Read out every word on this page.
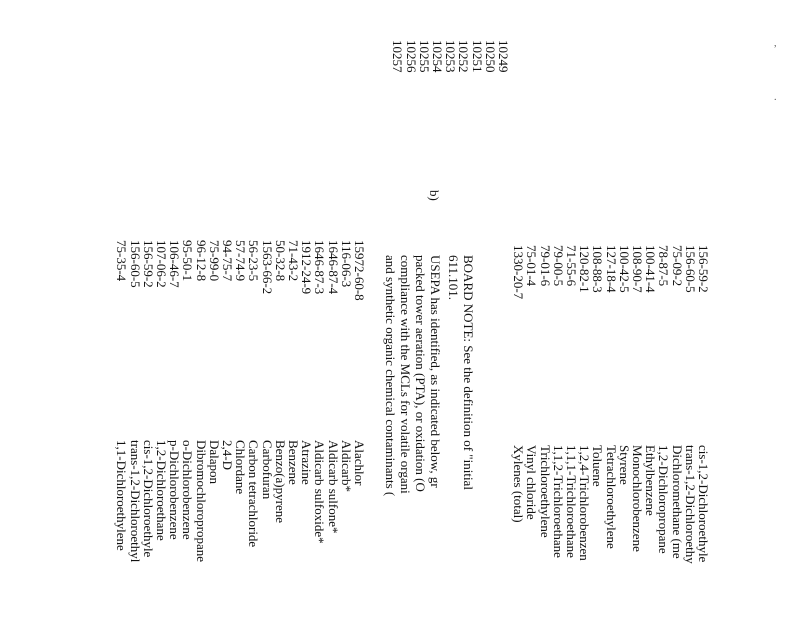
,
.
cis-1,2-Dichloroethyle
trans-1,2-Dichloroethy
Dichloromethane (me
1,2-Dichloropropane
Ethylbenzene
Monochlorobenzene
Styrene
Tetrachloroethylene
Toluene
1,2,4-Trichlorobenzen
1,1,1-Trichloroethane
1,1,2-Trichloroethane
Trichloroethylene
Vinyl chloride
Xylenes (total)
156-59-2
156-60-5
75-09-2
78-87-5
100-41-4
108-90-7
100-42-5
127-18-4
108-88-3
120-82-1
71-55-6
79-00-5
79-01-6
75-01-4
1330-20-7
10249
10250
10251
10252
10253
10254
10255
10256
10257
BOARD NOTE: See the definition of "initial
611.101.
b)
USEPA has identified, as indicated below, gr
packed tower aeration (PTA), or oxidation (O
compliance with the MCLs for volatile organi
and synthetic organic chemical contaminants (
Alachlor
Aldicarb*
Aldicarb sulfone*
Aldicarb sulfoxide*
Atrazine
Benzene
Benzo(a)pyrene
Carbofuran
Carbon tetrachloride
Chlordane
2,4-D
Dalapon
Dibromochloropropane
o-Dichlorobenzene
p-Dichlorobenzene
1,2-Dichloroethane
cis-1,2-Dichloroethyle
trans-1,2-Dichloroethyl
1,1-Dichloroethylene
15972-60-8
116-06-3
1646-87-4
1646-87-3
1912-24-9
71-43-2
50-32-8
1563-66-2
56-23-5
57-74-9
94-75-7
75-99-0
96-12-8
95-50-1
106-46-7
107-06-2
156-59-2
156-60-5
75-35-4
